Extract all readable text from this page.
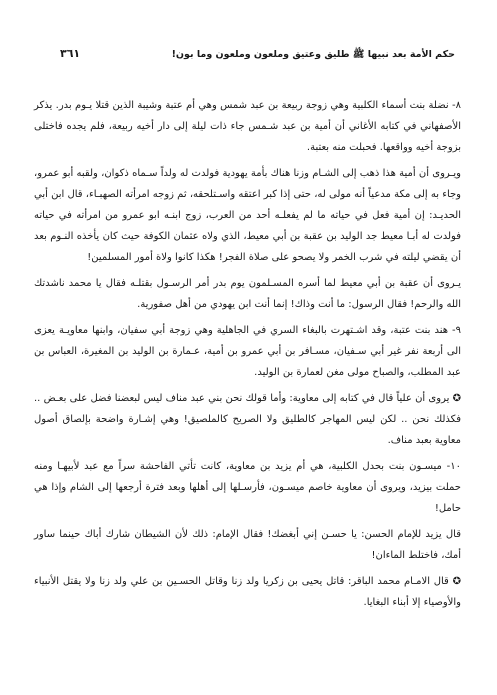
حكم الأمة بعد نبيها ﷺ طليق وعتيق وملعون وملعون وما بون!
٣٦١

٨- نضلة بنت أسماء الكلبية وهي زوجة ربيعة بن عبد شمس وهي أم عتبة وشيبة الذين قتلا يـوم بدر. يذكر الأصفهاني في كتابه الأغاني أن أمية بن عبد شـمس جاء ذات ليلة إلى دار أخيه ربيعة، فلم يجده فاختلى بزوجة أخيه وواقعها. فحبلت منه بعتبة.

ويـروى أن أمية هذا ذهب إلى الشـام وزنا هناك بأمة يهودية فولدت له ولداً سـماه ذكوان، ولقبه أبو عمرو، وجاء به إلى مكة مدعياً أنه مولى له، حتى إذا كبر اعتقه واسـتلحقه، ثم زوجه امرأته الصهبـاء، قال ابن أبي الحديـد: إن أمية فعل في حياته ما لم يفعلـه أحد من العرب، زوج ابنـه ابو عمرو من امرأته في حياته فولدت له أبـا معيط جد الوليد بن عقبة بن أبي معيط، الذي ولاه عثمان الكوفة حيث كان يأخذه النـوم بعد أن يقضي ليلته في شرب الخمر ولا يصحو على صلاة الفجر! هكذا كانوا ولاة أمور المسلمين!

يـروى أن عقبة بن أبي معيط لما أسره المسـلمون يوم بدر أمر الرسـول بقتلـه فقال يا محمد ناشدتك الله والرحم! فقال الرسول: ما أنت وذاك! إنما أنت ابن يهودي من أهل صفورية.

٩- هند بنت عتبة، وقد اشـتهرت بالبغاء السري في الجاهلية وهي زوجة أبي سفيان، وابنها معاويـة يعزى الى أربعة نفر غير أبي سـفيان، مسـافر بن أبي عمرو بن أمية، عـمارة بن الوليد بن المغيرة، العباس بن عبد المطلب، والصباح مولى مغن لعمارة بن الوليد.

✪ يروى أن علياً قال في كتابه إلى معاوية: وأما قولك نحن بني عبد مناف ليس لبعضنا فضل على بعـض .. فكذلك نحن .. لكن ليس المهاجر كالطليق ولا الصريح كالملصيق! وهي إشـارة واضحة بإلصاق أصول معاوية بعبد مناف.

١٠- ميسـون بنت بحدل الكلبية، هي أم يزيد بن معاوية، كانت تأتي الفاحشة سراً مع عبد لأبيهـا ومنه حملت بيزيد، ويروى أن معاوية خاصم ميسـون، فأرسـلها إلى أهلها وبعد فترة أرجعها إلى الشام وإذا هي حامل!

قال يزيد للإمام الحسن: يا حسـن إني أبغضك! فقال الإمام: ذلك لأن الشيطان شارك أباك حينما ساور أمك، فاختلط الماءان!

✪ قال الامـام محمد الباقر: قاتل يحيى بن زكريا ولد زنا وقاتل الحسـين بن علي ولد زنا ولا يقتل الأنبياء والأوصياء إلا أبناء البغايا.
